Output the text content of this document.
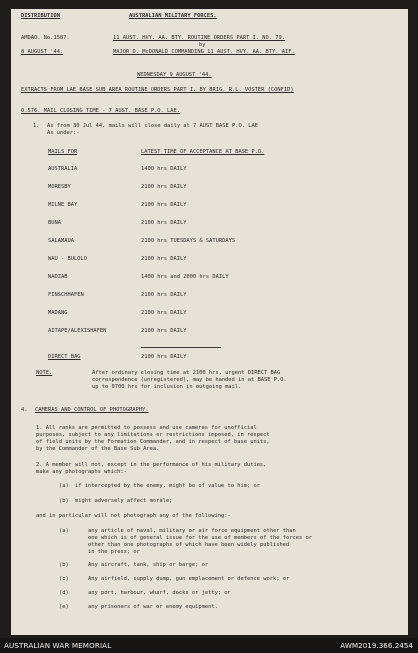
DISTRIBUTION	AUSTRALIAN MILITARY FORCES.
AMDAO. No.1587.	11 AUST. HVY. AA. BTY. ROUTINE ORDERS PART I. NO. 79.
by
8 AUGUST '44.	MAJOR D. McDONALD COMMANDING 11 AUST. HVY. AA. BTY. AIF.
WEDNESDAY 9 AUGUST '44.
EXTRACTS FROM LAE BASE SUB AREA ROUTINE ORDERS PART I. BY BRIG. R.L. VOSTER (CONFID)
O.576. MAIL CLOSING TIME - 7 AUST. BASE P.O. LAE.
1. As from 30 Jul 44, mails will close daily at 7 AUST BASE P.O. LAE
As under:-
MAILS FOR	LATEST TIME OF ACCEPTANCE AT BASE P.O.
AUSTRALIA	1400 hrs DAILY
MORESBY	2100 hrs DAILY
MILNE BAY	2100 hrs DAILY
BUNA	2100 hrs DAILY
SALAMAUA	2100 hrs TUESDAYS & SATURDAYS
WAU - BULOLO	2100 hrs DAILY
NADZAB	1400 hrs and 2000 hrs DAILY
FINSCHHAFEN	2100 hrs DAILY
MADANG	2100 hrs DAILY
AITAPE/ALEXISHAFEN	2100 hrs DAILY
DIRECT BAG	2100 hrs DAILY
NOTE.	After ordinary closing time at 2100 hrs, urgent DIRECT BAG
correspondence (unregistered), may be handed in at BASE P.O.
up to 0700 hrs for inclusion in outgoing mail.
4. CAMERAS AND CONTROL OF PHOTOGRAPHY.
1. All ranks are permitted to possess and use cameras for unofficial
purposes, subject to any limitations or restrictions imposed, in respect
of field units by the Formation Commander, and in respect of base units,
by the Commander of the Base Sub Area.
2. A member will not, except in the performance of his military duties,
make any photographs which:-
(a) if intercepted by the enemy, might be of value to him; or
(b) might adversely affect morale;
and in particular will not photograph any of the following:-
(a)	any article of naval, military or air force equipment other than
one which is of general issue for the use of members of the forces or
other than one photographs of which have been widely published
in the press; or
(b)	Any aircraft, tank, ship or barge; or
(c)	Any airfield, supply dump, gun emplacement or defence work; or
(d)	any port, harbour, wharf, docks or jetty; or
(e)	any prisoners of war or enemy equipment.
AUSTRALIAN WAR MEMORIAL	AWM2019.366.2454
